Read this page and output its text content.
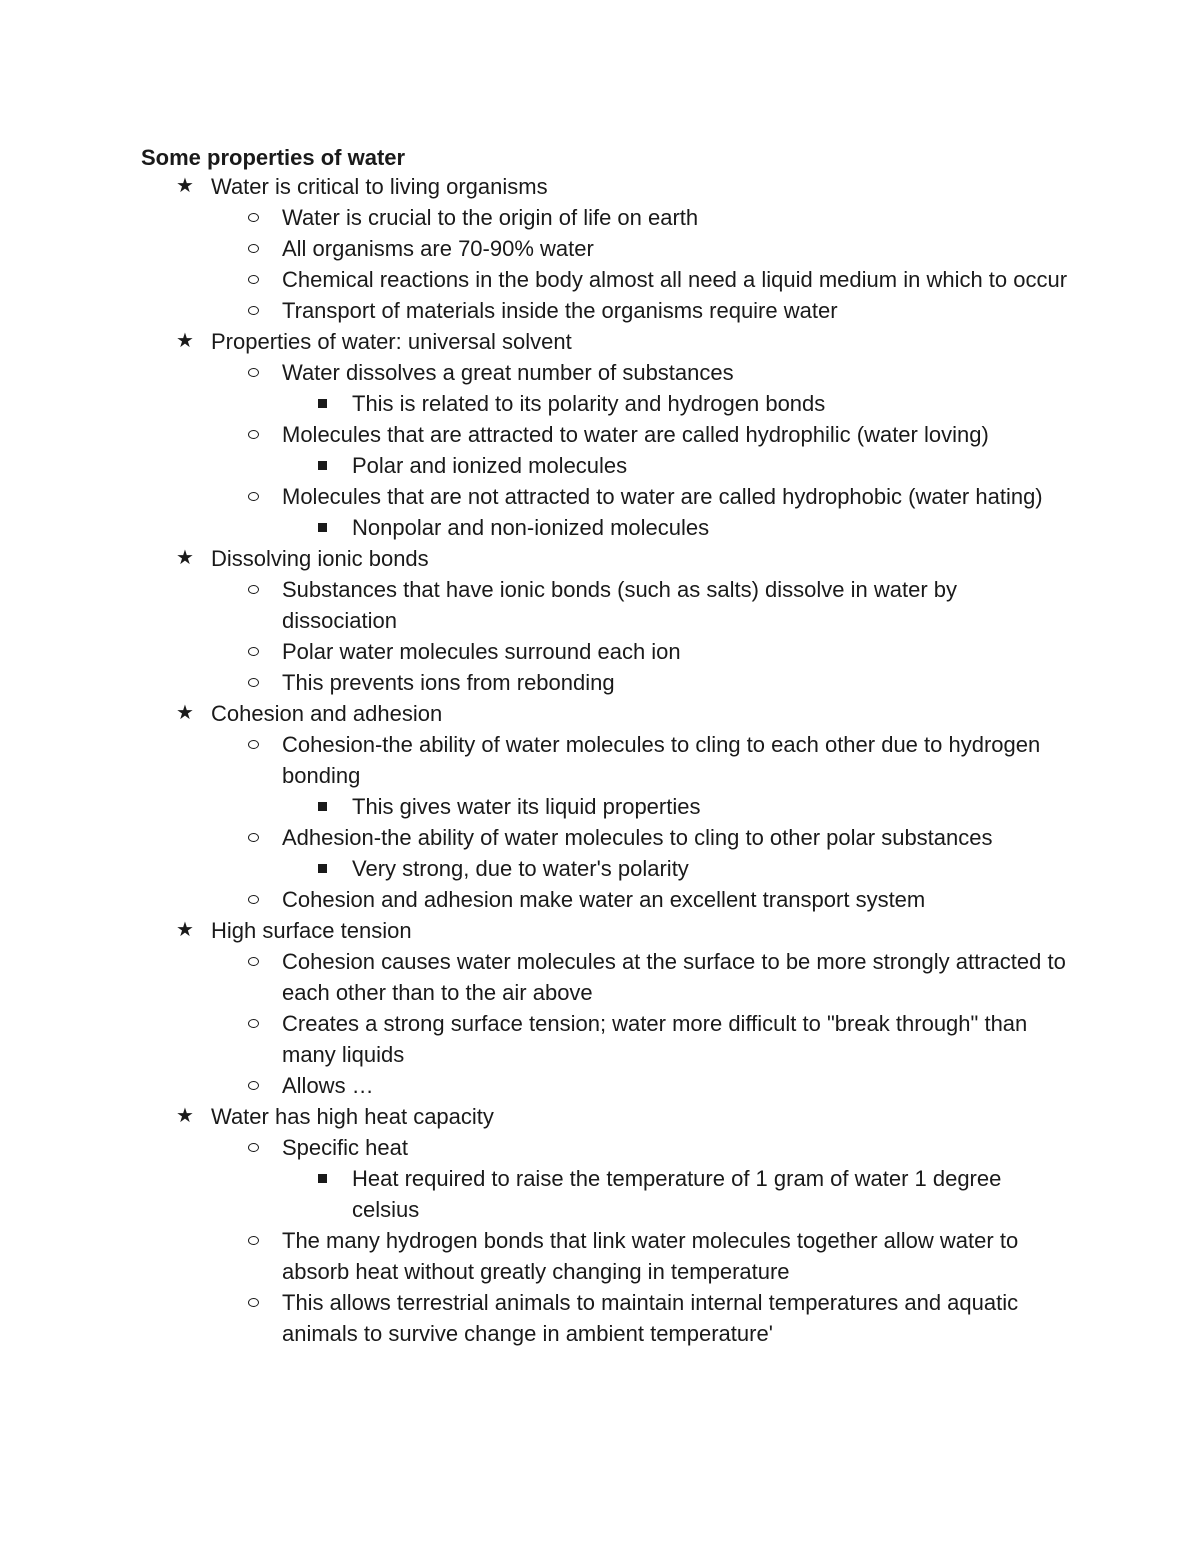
Some properties of water
★ Water is critical to living organisms
Water is crucial to the origin of life on earth
All organisms are 70-90% water
Chemical reactions in the body almost all need a liquid medium in which to occur
Transport of materials inside the organisms require water
★ Properties of water: universal solvent
Water dissolves a great number of substances
This is related to its polarity and hydrogen bonds
Molecules that are attracted to water are called hydrophilic (water loving)
Polar and ionized molecules
Molecules that are not attracted to water are called hydrophobic (water hating)
Nonpolar and non-ionized molecules
★ Dissolving ionic bonds
Substances that have ionic bonds (such as salts) dissolve in water by dissociation
Polar water molecules surround each ion
This prevents ions from rebonding
★ Cohesion and adhesion
Cohesion-the ability of water molecules to cling to each other due to hydrogen bonding
This gives water its liquid properties
Adhesion-the ability of water molecules to cling to other polar substances
Very strong, due to water's polarity
Cohesion and adhesion make water an excellent transport system
★ High surface tension
Cohesion causes water molecules at the surface to be more strongly attracted to each other than to the air above
Creates a strong surface tension; water more difficult to "break through" than many liquids
Allows …
★ Water has high heat capacity
Specific heat
Heat required to raise the temperature of 1 gram of water 1 degree celsius
The many hydrogen bonds that link water molecules together allow water to absorb heat without greatly changing in temperature
This allows terrestrial animals to maintain internal temperatures and aquatic animals to survive change in ambient temperature'
